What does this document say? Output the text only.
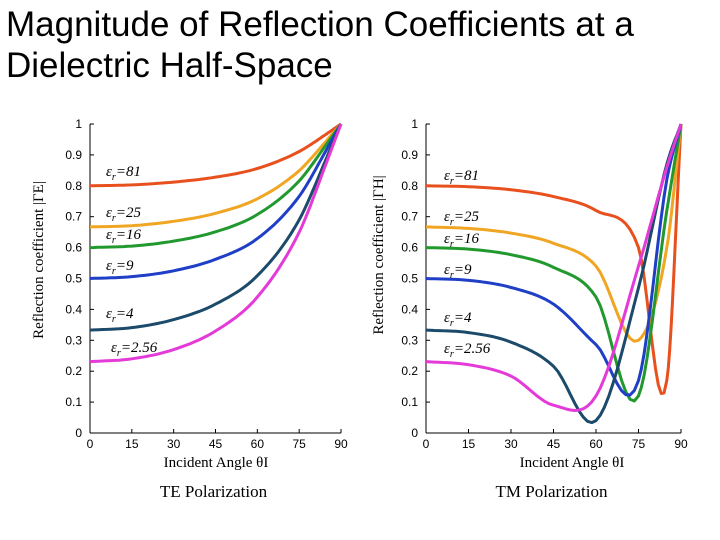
Magnitude of Reflection Coefficients at a
Dielectric Half-Space
0
0.1
0.2
0.3
0.4
0.5
0.6
0.7
0.8
0.9
1
0	15 30 45 60 75 90
$\varepsilon_r=81$
$\varepsilon_r=25$
$\varepsilon_r=16$
$\varepsilon_r=9$
$\varepsilon_r=4$
$\varepsilon_r=2.56$
Reflection coefficient |ΓE|
Incident Angle θI
TE Polarization
0
0.1
0.2
0.3
0.4
0.5
0.6
0.7
0.8
0.9
1
0	15 30 45 60 75 90
$\varepsilon_r=81$
$\varepsilon_r=25$
$\varepsilon_r=16$
$\varepsilon_r=9$
$\varepsilon_r=4$
$\varepsilon_r=2.56$
Reflection coefficient |ΓH|
Incident Angle θI
TM Polarization
